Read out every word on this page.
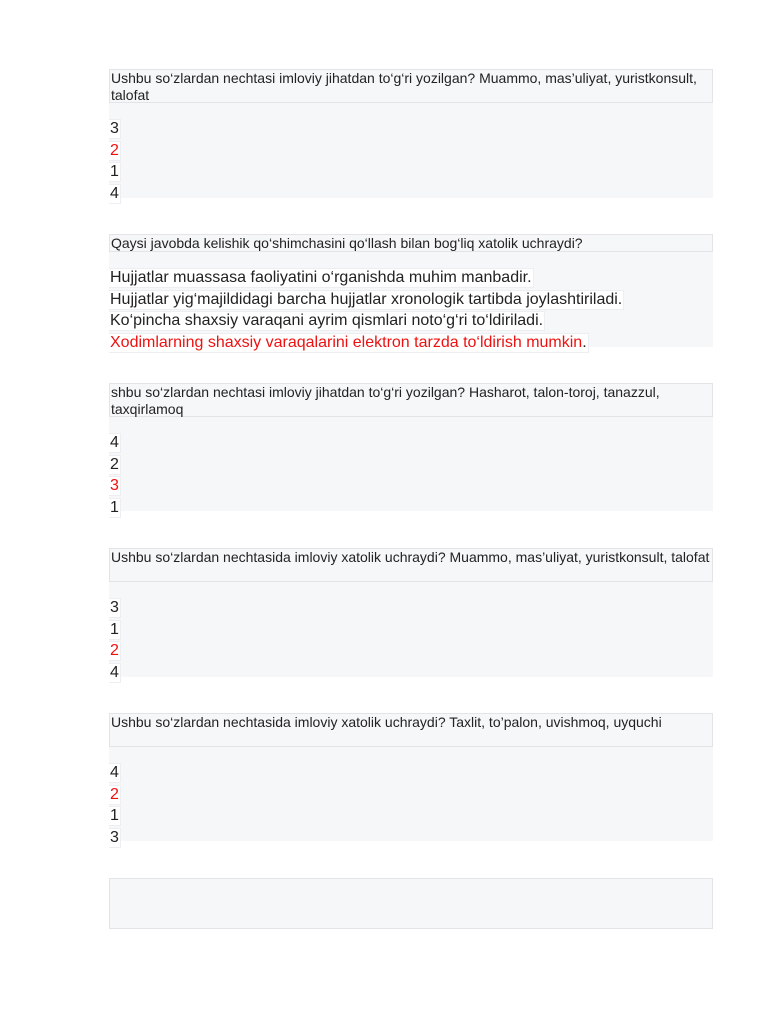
Ushbu so‘zlardan nechtasi imloviy jihatdan to‘g‘ri yozilgan? Muammo, mas’uliyat, yuristkonsult, talofat
3
2
1
4
Qaysi javobda kelishik qo‘shimchasini qo‘llash bilan bog‘liq xatolik uchraydi?
Hujjatlar muassasa faoliyatini o‘rganishda muhim manbadir.
Hujjatlar yig‘majildidagi barcha hujjatlar xronologik tartibda joylashtiriladi.
Ko‘pincha shaxsiy varaqani ayrim qismlari noto‘g‘ri to‘ldiriladi.
Xodimlarning shaxsiy varaqalarini elektron tarzda to‘ldirish mumkin.
shbu so‘zlardan nechtasi imloviy jihatdan to‘g‘ri yozilgan? Hasharot, talon-toroj, tanazzul, taxqirlamoq
4
2
3
1
Ushbu so‘zlardan nechtasida imloviy xatolik uchraydi? Muammo, mas’uliyat, yuristkonsult, talofat
3
1
2
4
Ushbu so‘zlardan nechtasida imloviy xatolik uchraydi? Taxlit, to’palon, uvishmoq, uyquchi
4
2
1
3
